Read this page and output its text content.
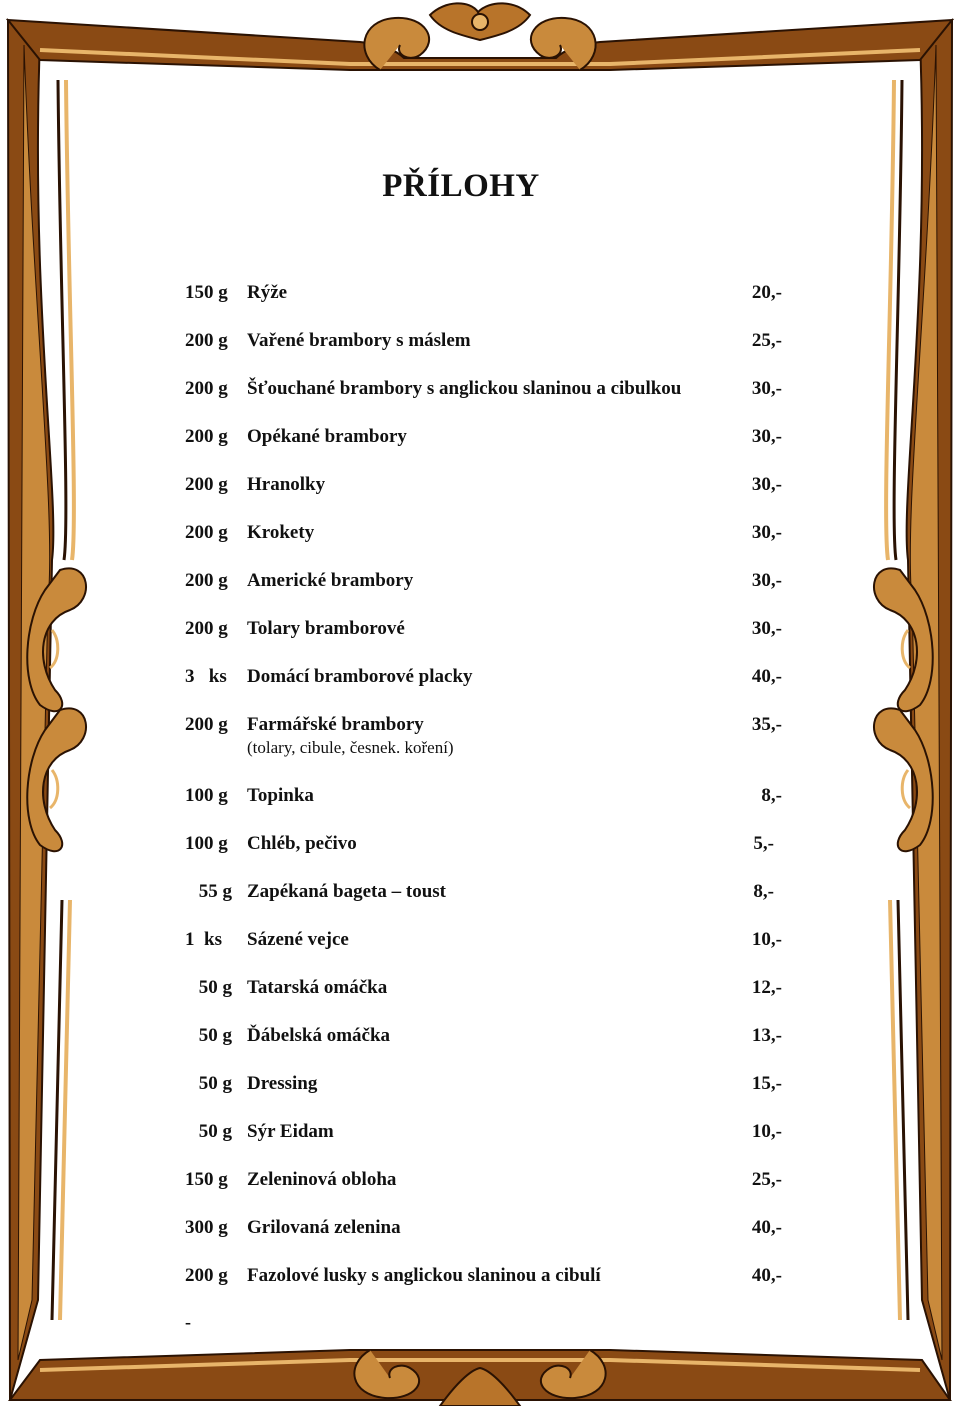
PŘÍLOHY
150 g Rýže	20,-
200 g Vařené brambory s máslem	25,-
200 g Šťouchané brambory s anglickou slaninou a cibulkou	30,-
200 g Opékané brambory	30,-
200 g Hranolky	30,-
200 g Krokety	30,-
200 g Americké brambory	30,-
200 g Tolary bramborové	30,-
3   ks Domácí bramborové placky	40,-
200 g Farmářské brambory	35,-
(tolary, cibule, česnek. koření)
100 g Topinka	8,-
100 g Chléb, pečivo	5,-
55 g Zapékaná bageta – toust	8,-
1  ks Sázené vejce	10,-
50 g Tatarská omáčka	12,-
50 g Ďábelská omáčka	13,-
50 g Dressing	15,-
50 g Sýr Eidam	10,-
150 g Zeleninová obloha	25,-
300 g Grilovaná zelenina	40,-
200 g Fazolové lusky s anglickou slaninou a cibulí	40,-
-
